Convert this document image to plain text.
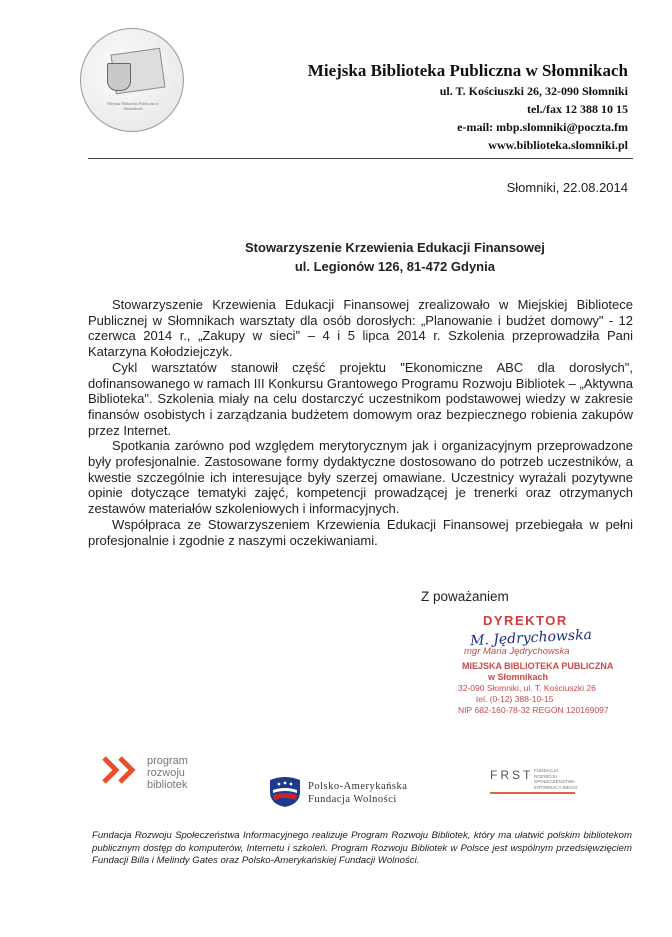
Miejska Biblioteka Publiczna w Słomnikach
Miejska Biblioteka Publiczna w Słomnikach
ul. T. Kościuszki 26, 32-090 Słomniki
tel./fax 12 388 10 15
e-mail: mbp.slomniki@poczta.fm
www.biblioteka.slomniki.pl
Słomniki, 22.08.2014
Stowarzyszenie Krzewienia Edukacji Finansowej
ul. Legionów 126, 81-472 Gdynia

Stowarzyszenie Krzewienia Edukacji Finansowej zrealizowało w Miejskiej Bibliotece Publicznej w Słomnikach warsztaty dla osób dorosłych: „Planowanie i budżet domowy" - 12 czerwca 2014 r., „Zakupy w sieci" – 4 i 5 lipca 2014 r. Szkolenia przeprowadziła Pani Katarzyna Kołodziejczyk.

Cykl warsztatów stanowił część projektu "Ekonomiczne ABC dla dorosłych", dofinansowanego w ramach III Konkursu Grantowego Programu Rozwoju Bibliotek – „Aktywna Biblioteka". Szkolenia miały na celu dostarczyć uczestnikom podstawowej wiedzy w zakresie finansów osobistych i zarządzania budżetem domowym oraz bezpiecznego robienia zakupów przez Internet.

Spotkania zarówno pod względem merytorycznym jak i organizacyjnym przeprowadzone były profesjonalnie. Zastosowane formy dydaktyczne dostosowano do potrzeb uczestników, a kwestie szczególnie ich interesujące były szerzej omawiane. Uczestnicy wyrażali pozytywne opinie dotyczące tematyki zajęć, kompetencji prowadzącej je trenerki oraz otrzymanych zestawów materiałów szkoleniowych i informacyjnych.

Współpraca ze Stowarzyszeniem Krzewienia Edukacji Finansowej przebiegała w pełni profesjonalnie i zgodnie z naszymi oczekiwaniami.

Z poważaniem
DYREKTOR
M. Jędrychowska
mgr Maria Jędrychowska
MIEJSKA BIBLIOTEKA PUBLICZNA
w Słomnikach
32-090 Słomniki, ul. T. Kościuszki 26
tel. (0-12) 388-10-15
NIP 682-160-78-32 REGON 120169097
program
rozwoju
bibliotek	Polsko-Amerykańska
Fundacja Wolności
FRST FUNDACJA
ROZWOJU
SPOŁECZEŃSTWA
INFORMACYJNEGO
Fundacja Rozwoju Społeczeństwa Informacyjnego realizuje Program Rozwoju Bibliotek, który ma ułatwić polskim bibliotekom publicznym dostęp do komputerów, Internetu i szkoleń. Program Rozwoju Bibliotek w Polsce jest wspólnym przedsięwzięciem Fundacji Billa i Melindy Gates oraz Polsko-Amerykańskiej Fundacji Wolności.
